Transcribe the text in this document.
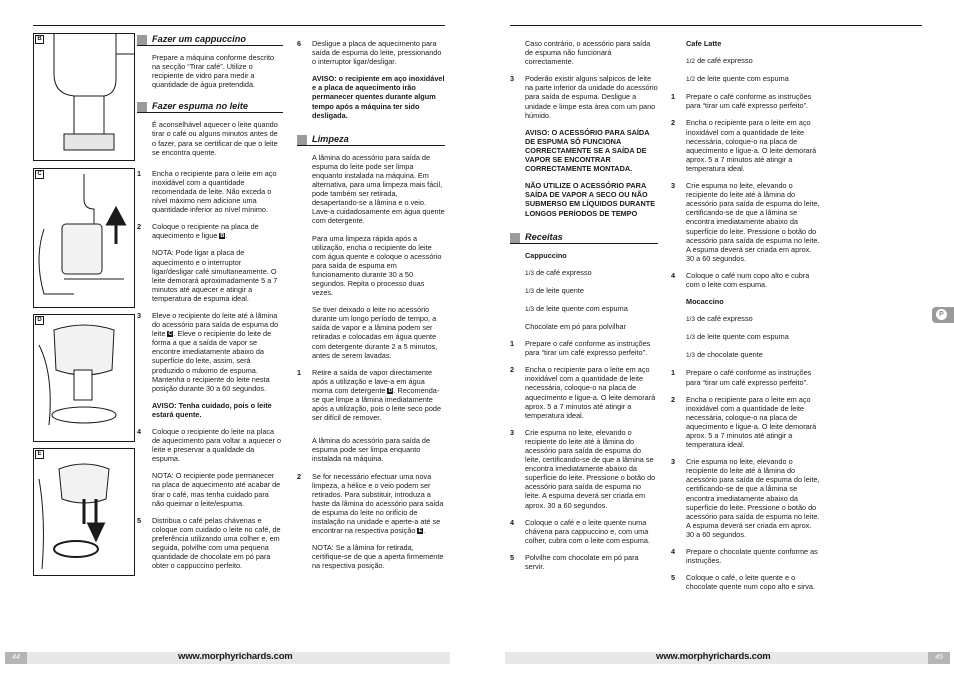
B
C
D
E
Fazer um cappuccino

Prepare a máquina conforme descrito na secção “Tirar café”. Utilize o recipiente de vidro para medir a quantidade de água pretendida.

Fazer espuma no leite

É aconselhável aquecer o leite quando tirar o café ou alguns minutos antes de o fazer, para se certificar de que o leite se encontra quente.

1	Encha o recipiente para o leite em aço inoxidável com a quantidade recomendada de leite. Não exceda o nível máximo nem adicione uma quantidade inferior ao nível mínimo.
2	Coloque o recipiente na placa de aquecimento e ligue B.

NOTA: Pode ligar a placa de aquecimento e o interruptor ligar/desligar café simultaneamente. O leite demorará aproximadamente 5 a 7 minutos até aquecer e atingir a temperatura de espuma ideal.

3	Eleve o recipiente do leite até à lâmina do acessório para saída de espuma do leite C. Eleve o recipiente do leite de forma a que a saída de vapor se encontre imediatamente abaixo da superfície do leite, assim, será produzido o máximo de espuma. Mantenha o recipiente do leite nesta posição durante 30 a 60 segundos.

AVISO: Tenha cuidado, pois o leite estará quente.

4	Coloque o recipiente do leite na placa de aquecimento para voltar a aquecer o leite e preservar a qualidade da espuma.

NOTA: O recipiente pode permanecer na placa de aquecimento até acabar de tirar o café, mas tenha cuidado para não queimar o leite/espuma.

5	Distribua o café pelas chávenas e coloque com cuidado o leite no café, de preferência utilizando uma colher e, em seguida, polvilhe com uma pequena quantidade de chocolate em pó para obter o cappuccino perfeito.
6	Desligue a placa de aquecimento para saída de espuma do leite, pressionando o interruptor ligar/desligar.

AVISO: o recipiente em aço inoxidável e a placa de aquecimento irão permanecer quentes durante algum tempo após a máquina ter sido desligada.

Limpeza

A lâmina do acessório para saída de espuma do leite pode ser limpa enquanto instalada na máquina. Em alternativa, para uma limpeza mais fácil, pode também ser retirada, desapertando-se a lâmina e o veio. Lave-a cuidadosamente em água quente com detergente.

Para uma limpeza rápida após a utilização, encha o recipiente do leite com água quente e coloque o acessório para saída de espuma em funcionamento durante 30 a 50 segundos. Repita o processo duas vezes.

Se tiver deixado o leite no acessório durante um longo período de tempo, a saída de vapor e a lâmina podem ser retiradas e colocadas em água quente com detergente durante 2 a 5 minutos, antes de serem lavadas.

1	Retire a saída de vapor directamente após a utilização e lave-a em água morna com detergente D. Recomenda-se que limpe a lâmina imediatamente após a utilização, pois o leite seco pode ser difícil de remover.

A lâmina do acessório para saída de espuma pode ser limpa enquanto instalada na máquina.

2	Se for necessário efectuar uma nova limpeza, a hélice e o veio podem ser retirados. Para substituir, introduza a haste da lâmina do acessório para saída de espuma do leite no orifício de instalação na unidade e aperte-a até se encontrar na respectiva posição E.

NOTA: Se a lâmina for retirada, certifique-se de que a aperta firmemente na respectiva posição.

Caso contrário, o acessório para saída de espuma não funcionará correctamente.

3	Poderão existir alguns salpicos de leite na parte inferior da unidade do acessório para saída de espuma. Desligue a unidade e limpe esta área com um pano húmido.

AVISO: O ACESSÓRIO PARA SAÍDA DE ESPUMA SÓ FUNCIONA CORRECTAMENTE SE A SAÍDA DE VAPOR SE ENCONTRAR CORRECTAMENTE MONTADA.

NÃO UTILIZE O ACESSÓRIO PARA SAÍDA DE VAPOR A SECO OU NÃO SUBMERSO EM LÍQUIDOS DURANTE LONGOS PERÍODOS DE TEMPO

Receitas

Cappuccino

1/3 de café expresso

1/3 de leite quente

1/3 de leite quente com espuma

Chocolate em pó para polvilhar

1	Prepare o café conforme as instruções para “tirar um café expresso perfeito”.
2	Encha o recipiente para o leite em aço inoxidável com a quantidade de leite necessária, coloque-o na placa de aquecimento e ligue-a. O leite demorará aprox. 5 a 7 minutos até atingir a temperatura ideal.
3	Crie espuma no leite, elevando o recipiente do leite até à lâmina do acessório para saída de espuma do leite, certificando-se de que a lâmina se encontra imediatamente abaixo da superfície do leite. Pressione o botão do acessório para saída de espuma no leite. A espuma deverá ser criada em aprox. 30 a 60 segundos.
4	Coloque o café e o leite quente numa chávena para cappuccino e, com uma colher, cubra com o leite com espuma.
5	Polvilhe com chocolate em pó para servir.

Cafe Latte

1/2 de café expresso

1/2 de leite quente com espuma

1	Prepare o café conforme as instruções para “tirar um café expresso perfeito”.
2	Encha o recipiente para o leite em aço inoxidável com a quantidade de leite necessária, coloque-o na placa de aquecimento e ligue-a. O leite demorará aprox. 5 a 7 minutos até atingir a temperatura ideal.
3	Crie espuma no leite, elevando o recipiente do leite até à lâmina do acessório para saída de espuma do leite, certificando-se de que a lâmina se encontra imediatamente abaixo da superfície do leite. Pressione o botão do acessório para saída de espuma no leite. A espuma deverá ser criada em aprox. 30 a 60 segundos.
4	Coloque o café num copo alto e cubra com o leite com espuma.

Mocaccino

1/3 de café expresso

1/3 de leite quente com espuma

1/3 de chocolate quente

1	Prepare o café conforme as instruções para “tirar um café expresso perfeito”.
2	Encha o recipiente para o leite em aço inoxidável com a quantidade de leite necessária, coloque-o na placa de aquecimento e ligue-a. O leite demorará aprox. 5 a 7 minutos até atingir a temperatura ideal.
3	Crie espuma no leite, elevando o recipiente do leite até à lâmina do acessório para saída de espuma do leite, certificando-se de que a lâmina se encontra imediatamente abaixo da superfície do leite. Pressione o botão do acessório para saída de espuma no leite. A espuma deverá ser criada em aprox. 30 a 60 segundos.
4	Prepare o chocolate quente conforme as instruções.
5	Coloque o café, o leite quente e o chocolate quente num copo alto e sirva.
P
44	www.morphyrichards.com	www.morphyrichards.com	45
